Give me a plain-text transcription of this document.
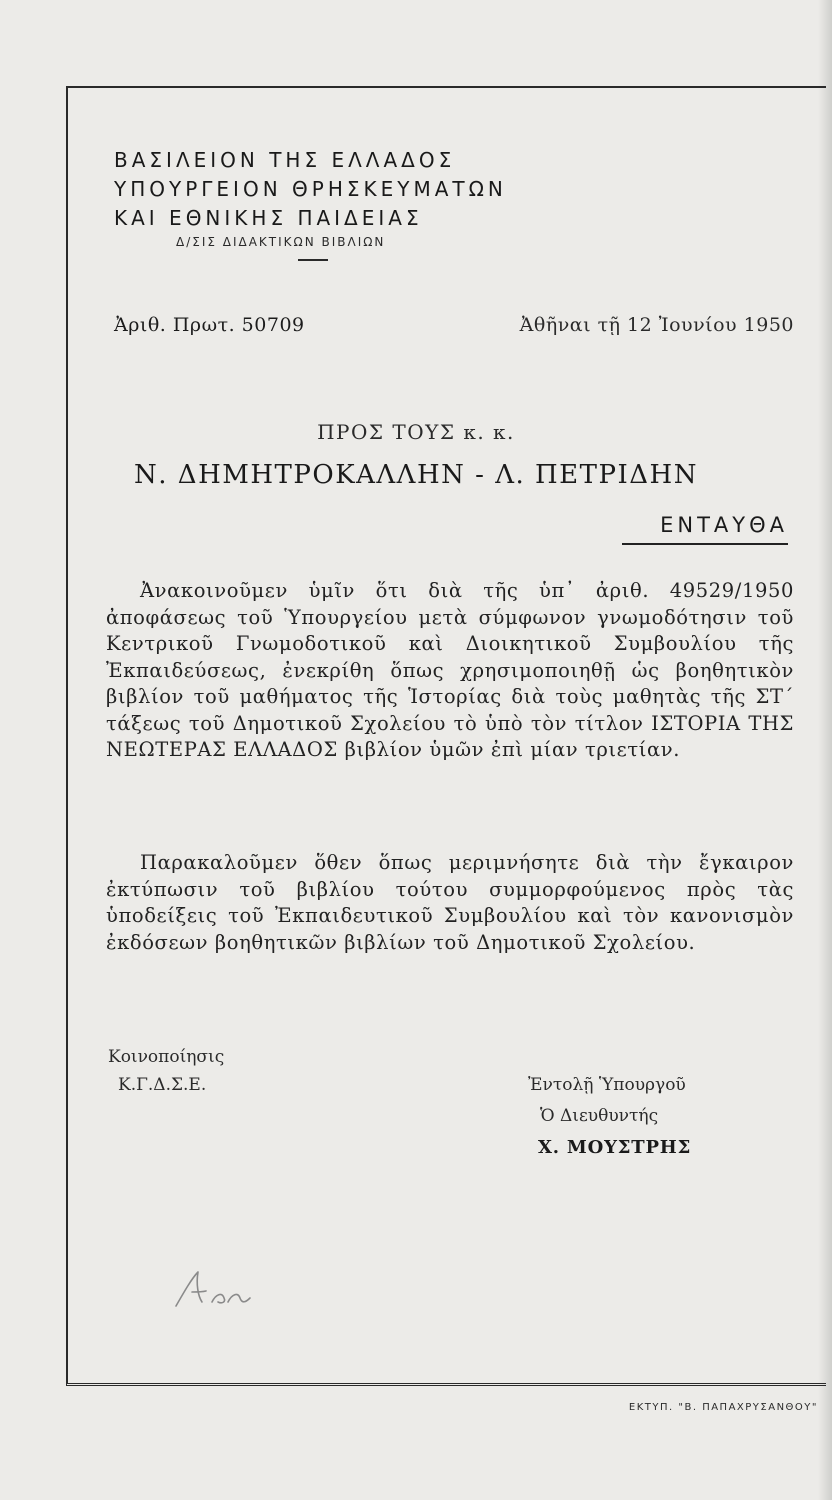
ΒΑΣΙΛΕΙΟΝ ΤΗΣ ΕΛΛΑΔΟΣ
ΥΠΟΥΡΓΕΙΟΝ ΘΡΗΣΚΕΥΜΑΤΩΝ
ΚΑΙ ΕΘΝΙΚΗΣ ΠΑΙΔΕΙΑΣ
Δ/ΣΙΣ ΔΙΔΑΚΤΙΚΩΝ ΒΙΒΛΙΩΝ
Ἀριθ. Πρωτ. 50709	Ἀθῆναι τῇ 12 Ἰουνίου 1950
ΠΡΟΣ ΤΟΥΣ κ. κ.
Ν. ΔΗΜΗΤΡΟΚΑΛΛΗΝ - Λ. ΠΕΤΡΙΔΗΝ
ΕΝΤΑΥΘΑ
Ἀνακοινοῦμεν ὑμῖν ὅτι διὰ τῆς ὑπ᾽ ἀριθ. 49529/1950 ἀποφάσεως τοῦ Ὑπουργείου μετὰ σύμφωνον γνωμοδότησιν τοῦ Κεντρικοῦ Γνωμοδοτικοῦ καὶ Διοικητικοῦ Συμβουλίου τῆς Ἐκπαιδεύσεως, ἐνεκρίθη ὅπως χρησιμοποιηθῇ ὡς βοηθητικὸν βιβλίον τοῦ μαθήματος τῆς Ἱστορίας διὰ τοὺς μαθητὰς τῆς ΣΤ´ τάξεως τοῦ Δημοτικοῦ Σχολείου τὸ ὑπὸ τὸν τίτλον ΙΣΤΟΡΙΑ ΤΗΣ ΝΕΩΤΕΡΑΣ ΕΛΛΑΔΟΣ βιβλίον ὑμῶν ἐπὶ μίαν τριετίαν.
Παρακαλοῦμεν ὅθεν ὅπως μεριμνήσητε διὰ τὴν ἔγκαιρον ἐκτύπωσιν τοῦ βιβλίου τούτου συμμορφούμενος πρὸς τὰς ὑποδείξεις τοῦ Ἐκπαιδευτικοῦ Συμβουλίου καὶ τὸν κανονισμὸν ἐκδόσεων βοηθητικῶν βιβλίων τοῦ Δημοτικοῦ Σχολείου.
Κοινοποίησις
Κ.Γ.Δ.Σ.Ε.	Ἐντολῇ Ὑπουργοῦ
Ὁ Διευθυντής
Χ. ΜΟΥΣΤΡΗΣ
ΕΚΤΥΠ. "Β. ΠΑΠΑΧΡΥΣΑΝΘΟΥ"
